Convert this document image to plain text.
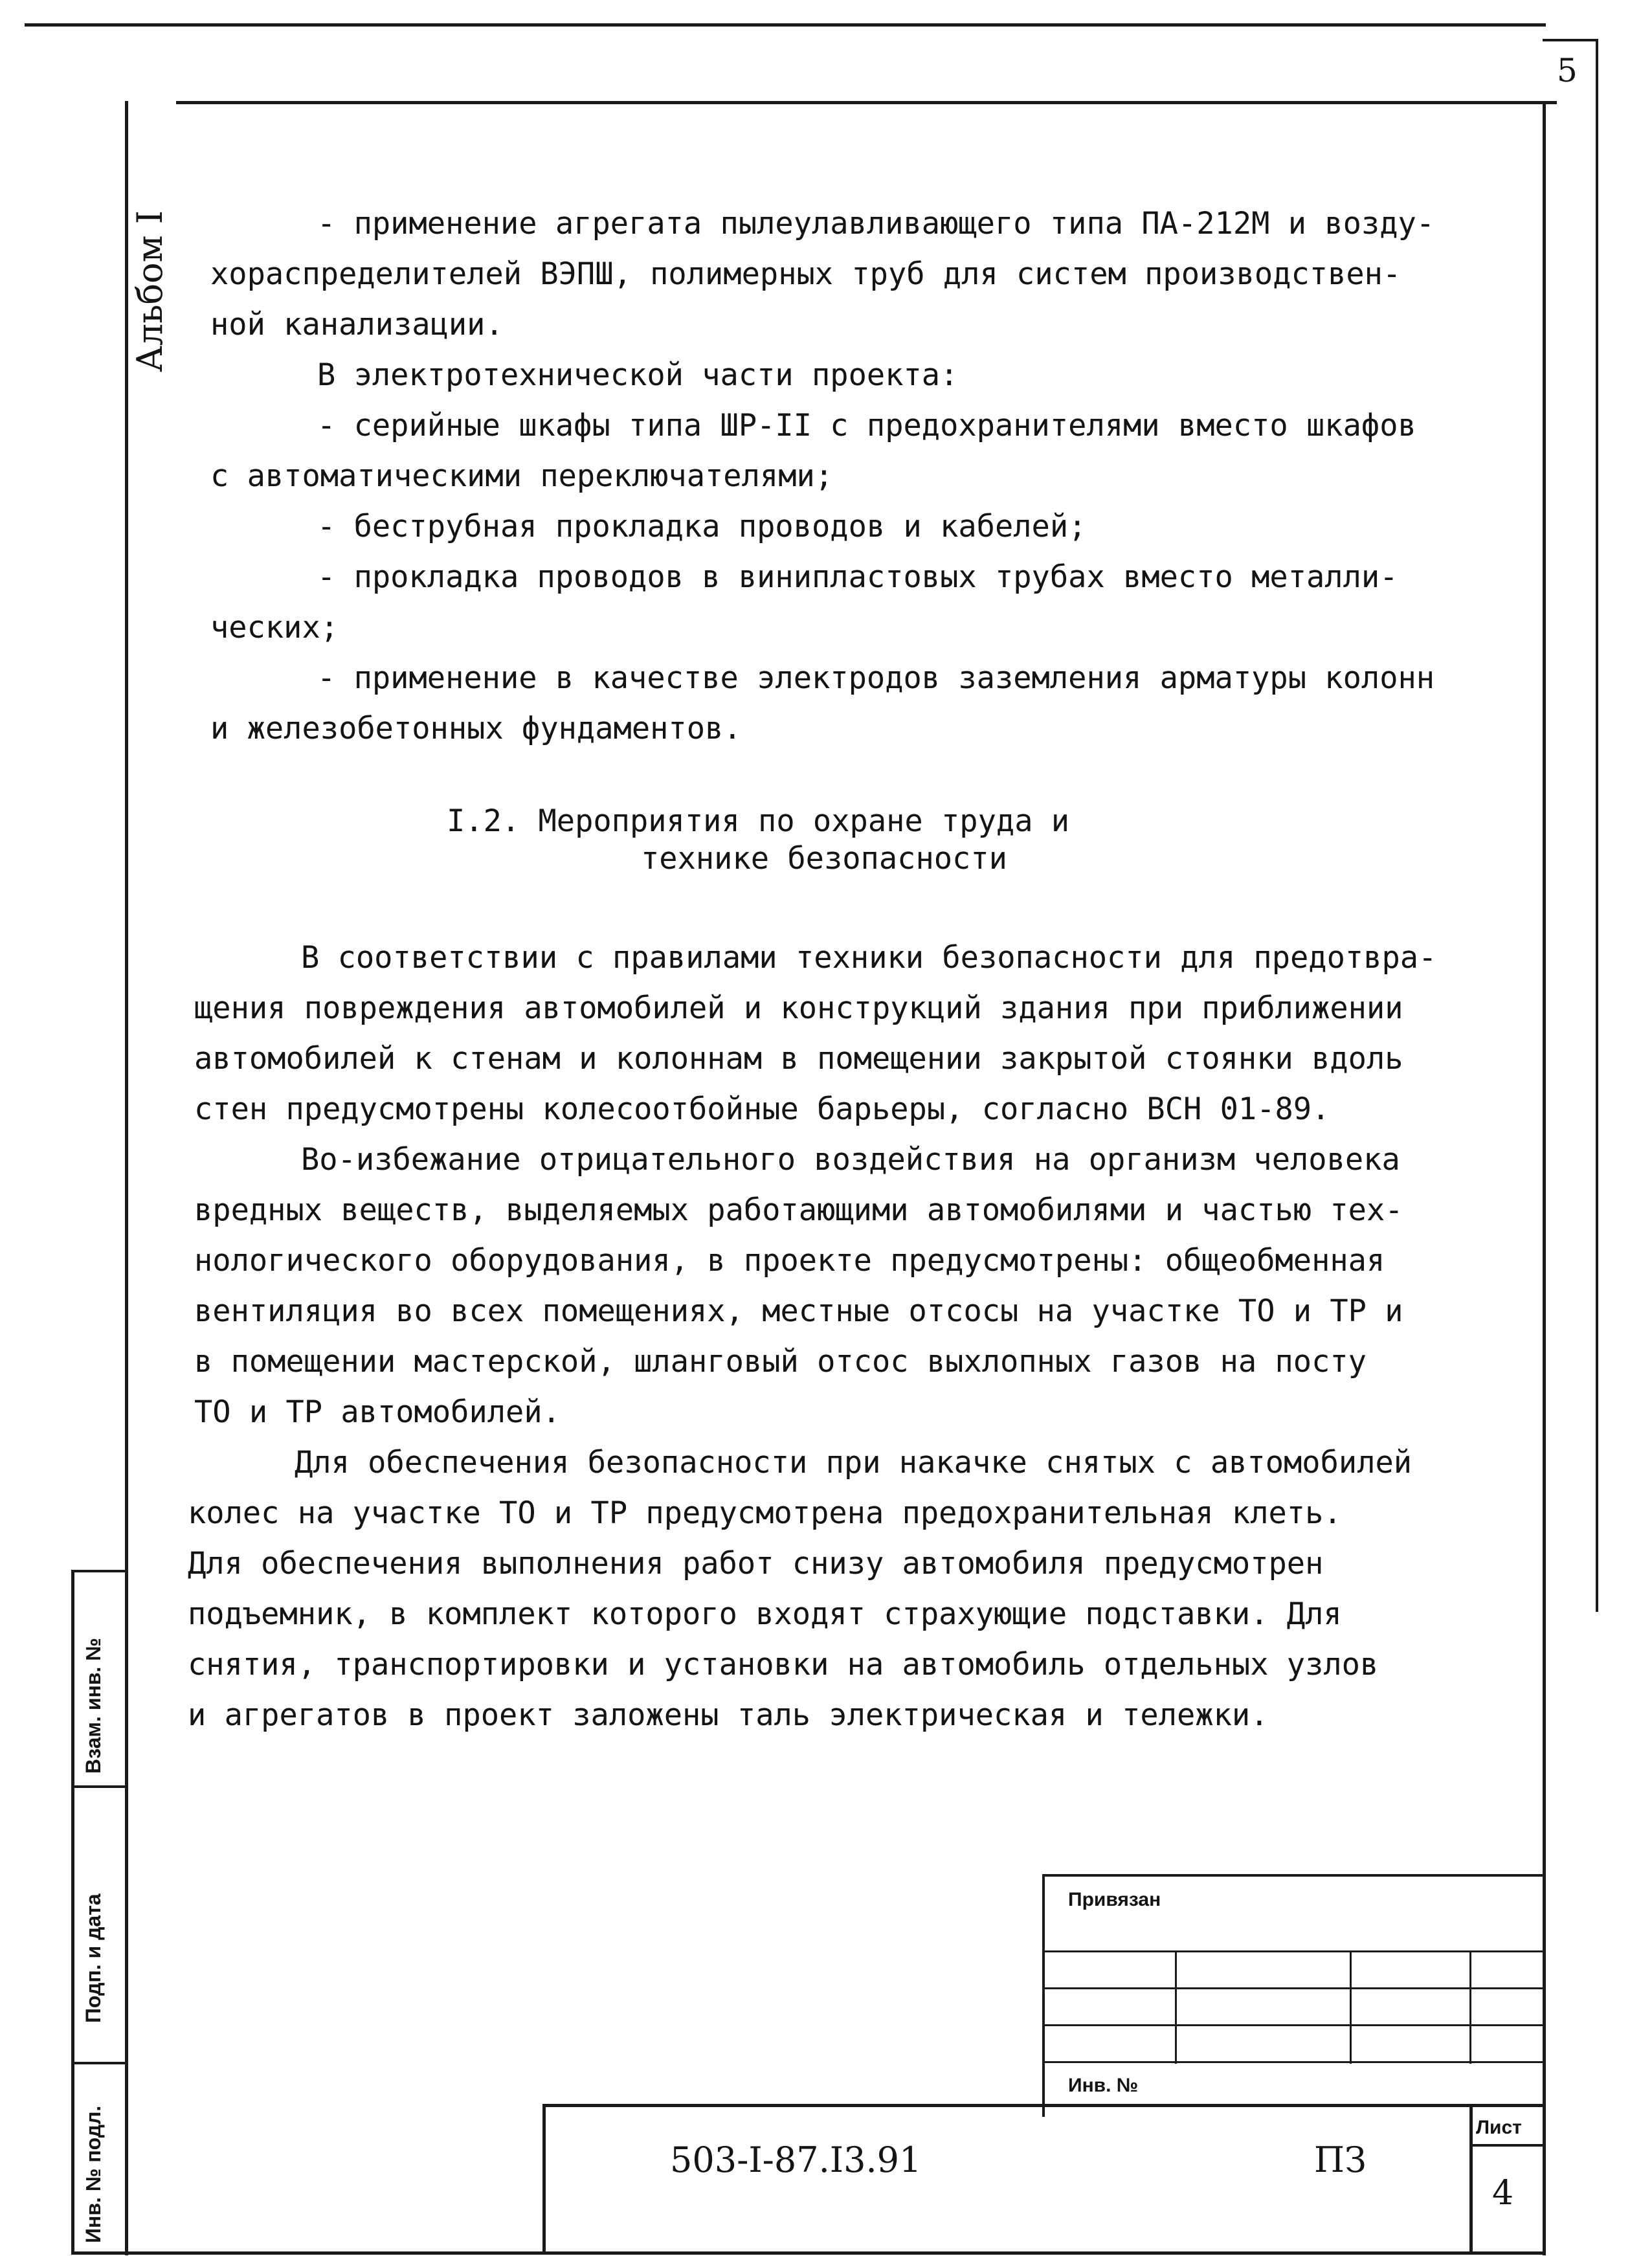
5
Альбом I
Взам. инв. №
Подп. и дата
Инв. № подл.
- применение агрегата пылеулавливающего типа ПА-212М и возду-
хораспределителей ВЭПШ, полимерных труб для систем производствен-
ной канализации.
В электротехнической части проекта:
- серийные шкафы типа ШР-II с предохранителями вместо шкафов
с автоматическими переключателями;
- беструбная прокладка проводов и кабелей;
- прокладка проводов в винипластовых трубах вместо металли-
ческих;
- применение в качестве электродов заземления арматуры колонн
и железобетонных фундаментов.
I.2. Мероприятия по охране труда и
технике безопасности
В соответствии с правилами техники безопасности для предотвра-
щения повреждения автомобилей и конструкций здания при приближении
автомобилей к стенам и колоннам в помещении закрытой стоянки вдоль
стен предусмотрены колесоотбойные барьеры, согласно ВСН 01-89.
Во-избежание отрицательного воздействия на организм человека
вредных веществ, выделяемых работающими автомобилями и частью тех-
нологического оборудования, в проекте предусмотрены: общеобменная
вентиляция во всех помещениях, местные отсосы на участке ТО и ТР и
в помещении мастерской, шланговый отсос выхлопных газов на посту
ТО и ТР автомобилей.
Для обеспечения безопасности при накачке снятых с автомобилей
колес на участке ТО и ТР предусмотрена предохранительная клеть.
Для обеспечения выполнения работ снизу автомобиля предусмотрен
подъемник, в комплект которого входят страхующие подставки. Для
снятия, транспортировки и установки на автомобиль отдельных узлов
и агрегатов в проект заложены таль электрическая и тележки.
Привязан
Инв. №
503-I-87.I3.91	ПЗ
Лист
4
